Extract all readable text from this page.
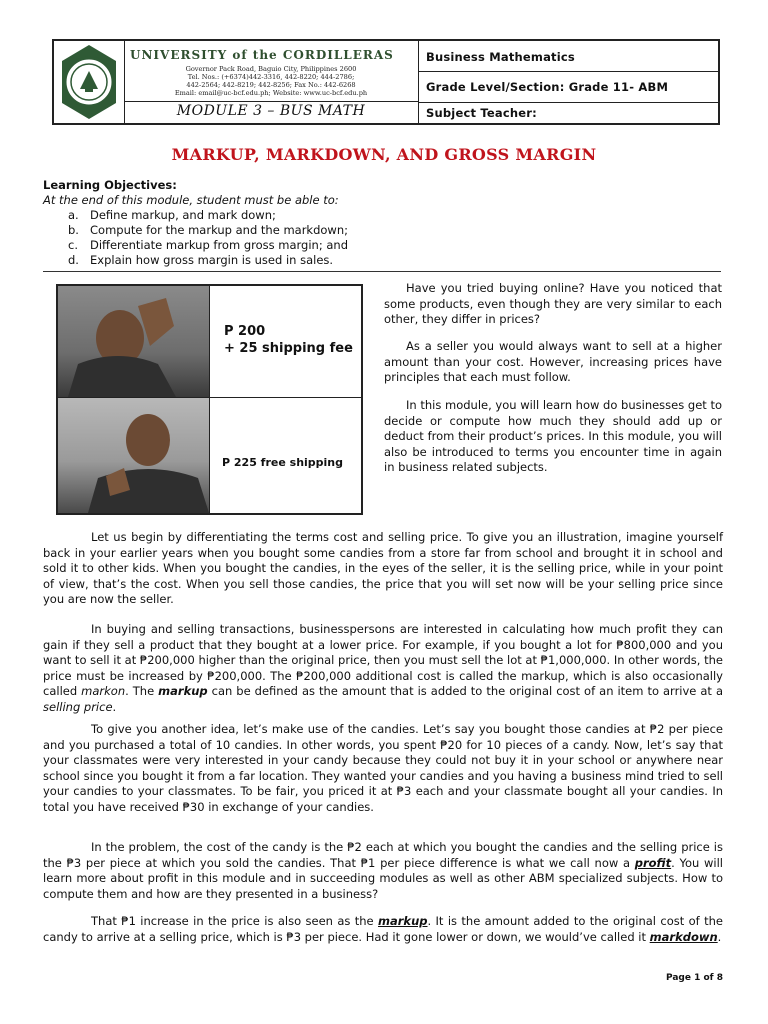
UNIVERSITY of the CORDILLERAS
Governor Pack Road, Baguio City, Philippines 2600
Tel. Nos.: (+6374)442-3316, 442-8220; 444-2786;
442-2564; 442-8219; 442-8256; Fax No.: 442-6268
Email: email@uc-bcf.edu.ph; Website: www.uc-bcf.edu.ph
MODULE 3 – BUS MATH
Business Mathematics
Grade Level/Section: Grade 11- ABM
Subject Teacher:
MARKUP, MARKDOWN, AND GROSS MARGIN
Learning Objectives:
At the end of this module, student must be able to:
a. Define markup, and mark down;
b. Compute for the markup and the markdown;
c. Differentiate markup from gross margin; and
d. Explain how gross margin is used in sales.
P 200
+ 25 shipping fee
P 225 free shipping

Have you tried buying online? Have you noticed that some products, even though they are very similar to each other, they differ in prices?

As a seller you would always want to sell at a higher amount than your cost. However, increasing prices have principles that each must follow.

In this module, you will learn how do businesses get to decide or compute how much they should add up or deduct from their product’s prices. In this module, you will also be introduced to terms you encounter time in again in business related subjects.

Let us begin by differentiating the terms cost and selling price. To give you an illustration, imagine yourself back in your earlier years when you bought some candies from a store far from school and brought it in school and sold it to other kids. When you bought the candies, in the eyes of the seller, it is the selling price, while in your point of view, that’s the cost. When you sell those candies, the price that you will set now will be your selling price since you are now the seller.

In buying and selling transactions, businesspersons are interested in calculating how much profit they can gain if they sell a product that they bought at a lower price. For example, if you bought a lot for ₱800,000 and you want to sell it at ₱200,000 higher than the original price, then you must sell the lot at ₱1,000,000. In other words, the price must be increased by ₱200,000. The ₱200,000 additional cost is called the markup, which is also occasionally called markon. The markup can be defined as the amount that is added to the original cost of an item to arrive at a selling price.

To give you another idea, let’s make use of the candies. Let’s say you bought those candies at ₱2 per piece and you purchased a total of 10 candies. In other words, you spent ₱20 for 10 pieces of a candy. Now, let’s say that your classmates were very interested in your candy because they could not buy it in your school or anywhere near school since you bought it from a far location. They wanted your candies and you having a business mind tried to sell your candies to your classmates. To be fair, you priced it at ₱3 each and your classmate bought all your candies. In total you have received ₱30 in exchange of your candies.

In the problem, the cost of the candy is the ₱2 each at which you bought the candies and the selling price is the ₱3 per piece at which you sold the candies. That ₱1 per piece difference is what we call now a profit. You will learn more about profit in this module and in succeeding modules as well as other ABM specialized subjects. How to compute them and how are they presented in a business?

That ₱1 increase in the price is also seen as the markup. It is the amount added to the original cost of the candy to arrive at a selling price, which is ₱3 per piece. Had it gone lower or down, we would’ve called it markdown.

Page 1 of 8
